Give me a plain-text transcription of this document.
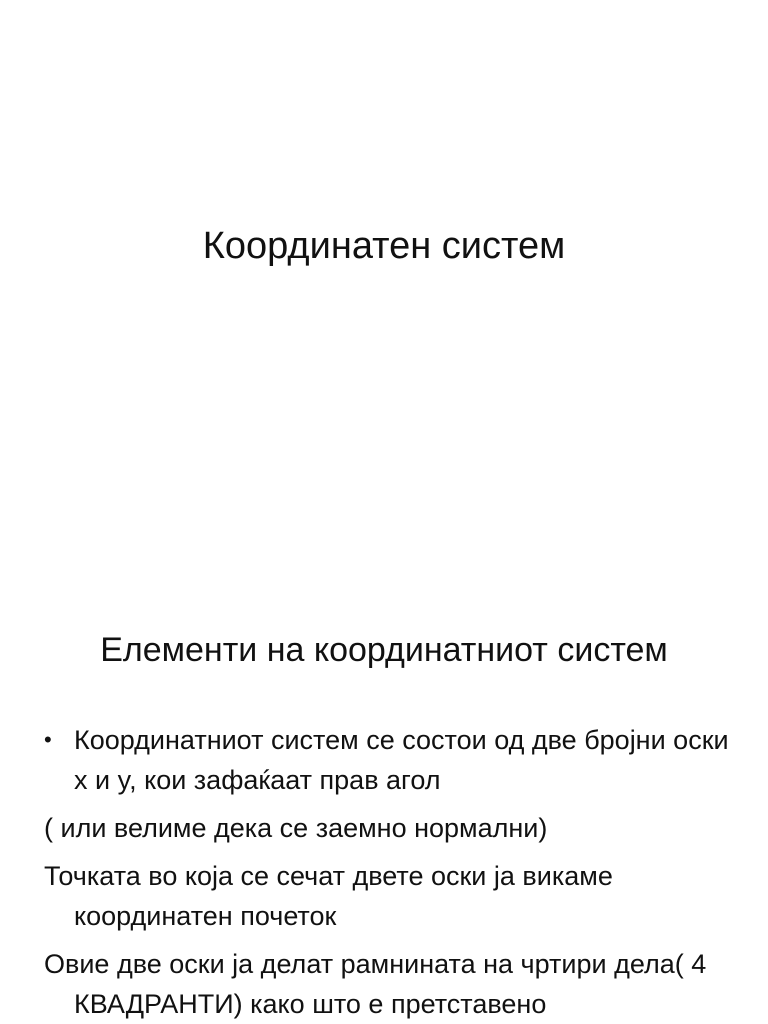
Координатен систем
Елементи на координатниот систем
• Координатниот систем се состои од две бројни оски x и y, кои зафаќаат прав агол
( или велиме дека се заемно нормални)
Точката во која се сечат двете оски ја викаме координатен почеток
Овие две оски ја делат рамнината на чртири дела( 4 КВАДРАНТИ) како што е претставено
